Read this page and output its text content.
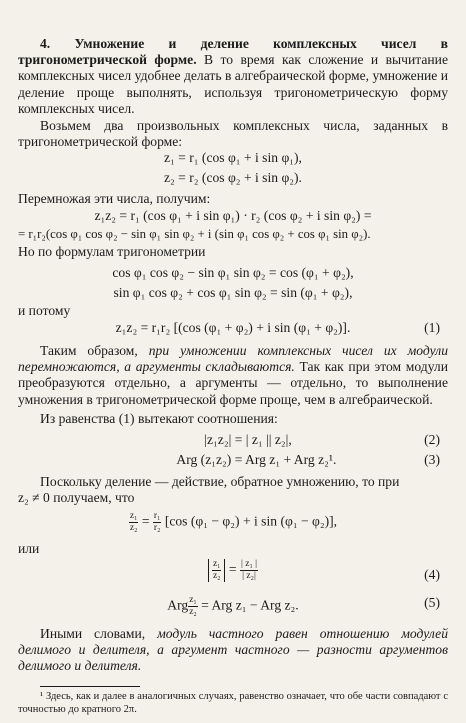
4. Умножение и деление комплексных чисел в тригонометрической форме. В то время как сложение и вычитание комплексных чисел удобнее делать в алгебраической форме, умножение и деление проще выполнять, используя тригонометрическую форму комплексных чисел.
Возьмем два произвольных комплексных числа, заданных в тригонометрической форме:
z₁ = r₁ (cos φ₁ + i sin φ₁),
z₂ = r₂ (cos φ₂ + i sin φ₂).
Перемножая эти числа, получим:
z₁z₂ = r₁ (cos φ₁ + i sin φ₁) · r₂ (cos φ₂ + i sin φ₂) =
= r₁r₂(cos φ₁ cos φ₂ − sin φ₁ sin φ₂ + i (sin φ₁ cos φ₂ + cos φ₁ sin φ₂).
Но по формулам тригонометрии
cos φ₁ cos φ₂ − sin φ₁ sin φ₂ = cos (φ₁ + φ₂),
sin φ₁ cos φ₂ + cos φ₁ sin φ₂ = sin (φ₁ + φ₂),
и потому
z₁z₂ = r₁r₂ [(cos (φ₁ + φ₂) + i sin (φ₁ + φ₂)].	(1)
Таким образом, при умножении комплексных чисел их модули перемножаются, а аргументы складываются. Так как при этом модули преобразуются отдельно, а аргументы — отдельно, то выполнение умножения в тригонометрической форме проще, чем в алгебраической.
Из равенства (1) вытекают соотношения:
|z₁z₂| = | z₁ || z₂|,	(2)
Arg (z₁z₂) = Arg z₁ + Arg z₂¹.	(3)
Поскольку деление — действие, обратное умножению, то при
z₂ ≠ 0 получаем, что
$\frac{\text{z₁}}{\text{z₂}} = \frac{\text{r₁}}{\text{r₂}} [\cos$ (φ₁ − φ₂) + i sin (φ₁ − φ₂)],
или
$\frac{\text{z₁}}{\text{z₂}} = \frac{\text{| z₁ |}}{\text{| z₂|}}$	(4)
Arg $\frac{\text{z₁}}{\text{z₂}}$ = Arg z₁ − Arg z₂.	(5)
Иными словами, модуль частного равен отношению модулей делимого и делителя, а аргумент частного — разности аргументов делимого и делителя.
¹ Здесь, как и далее в аналогичных случаях, равенство означает, что обе части совпадают с точностью до кратного 2π.
